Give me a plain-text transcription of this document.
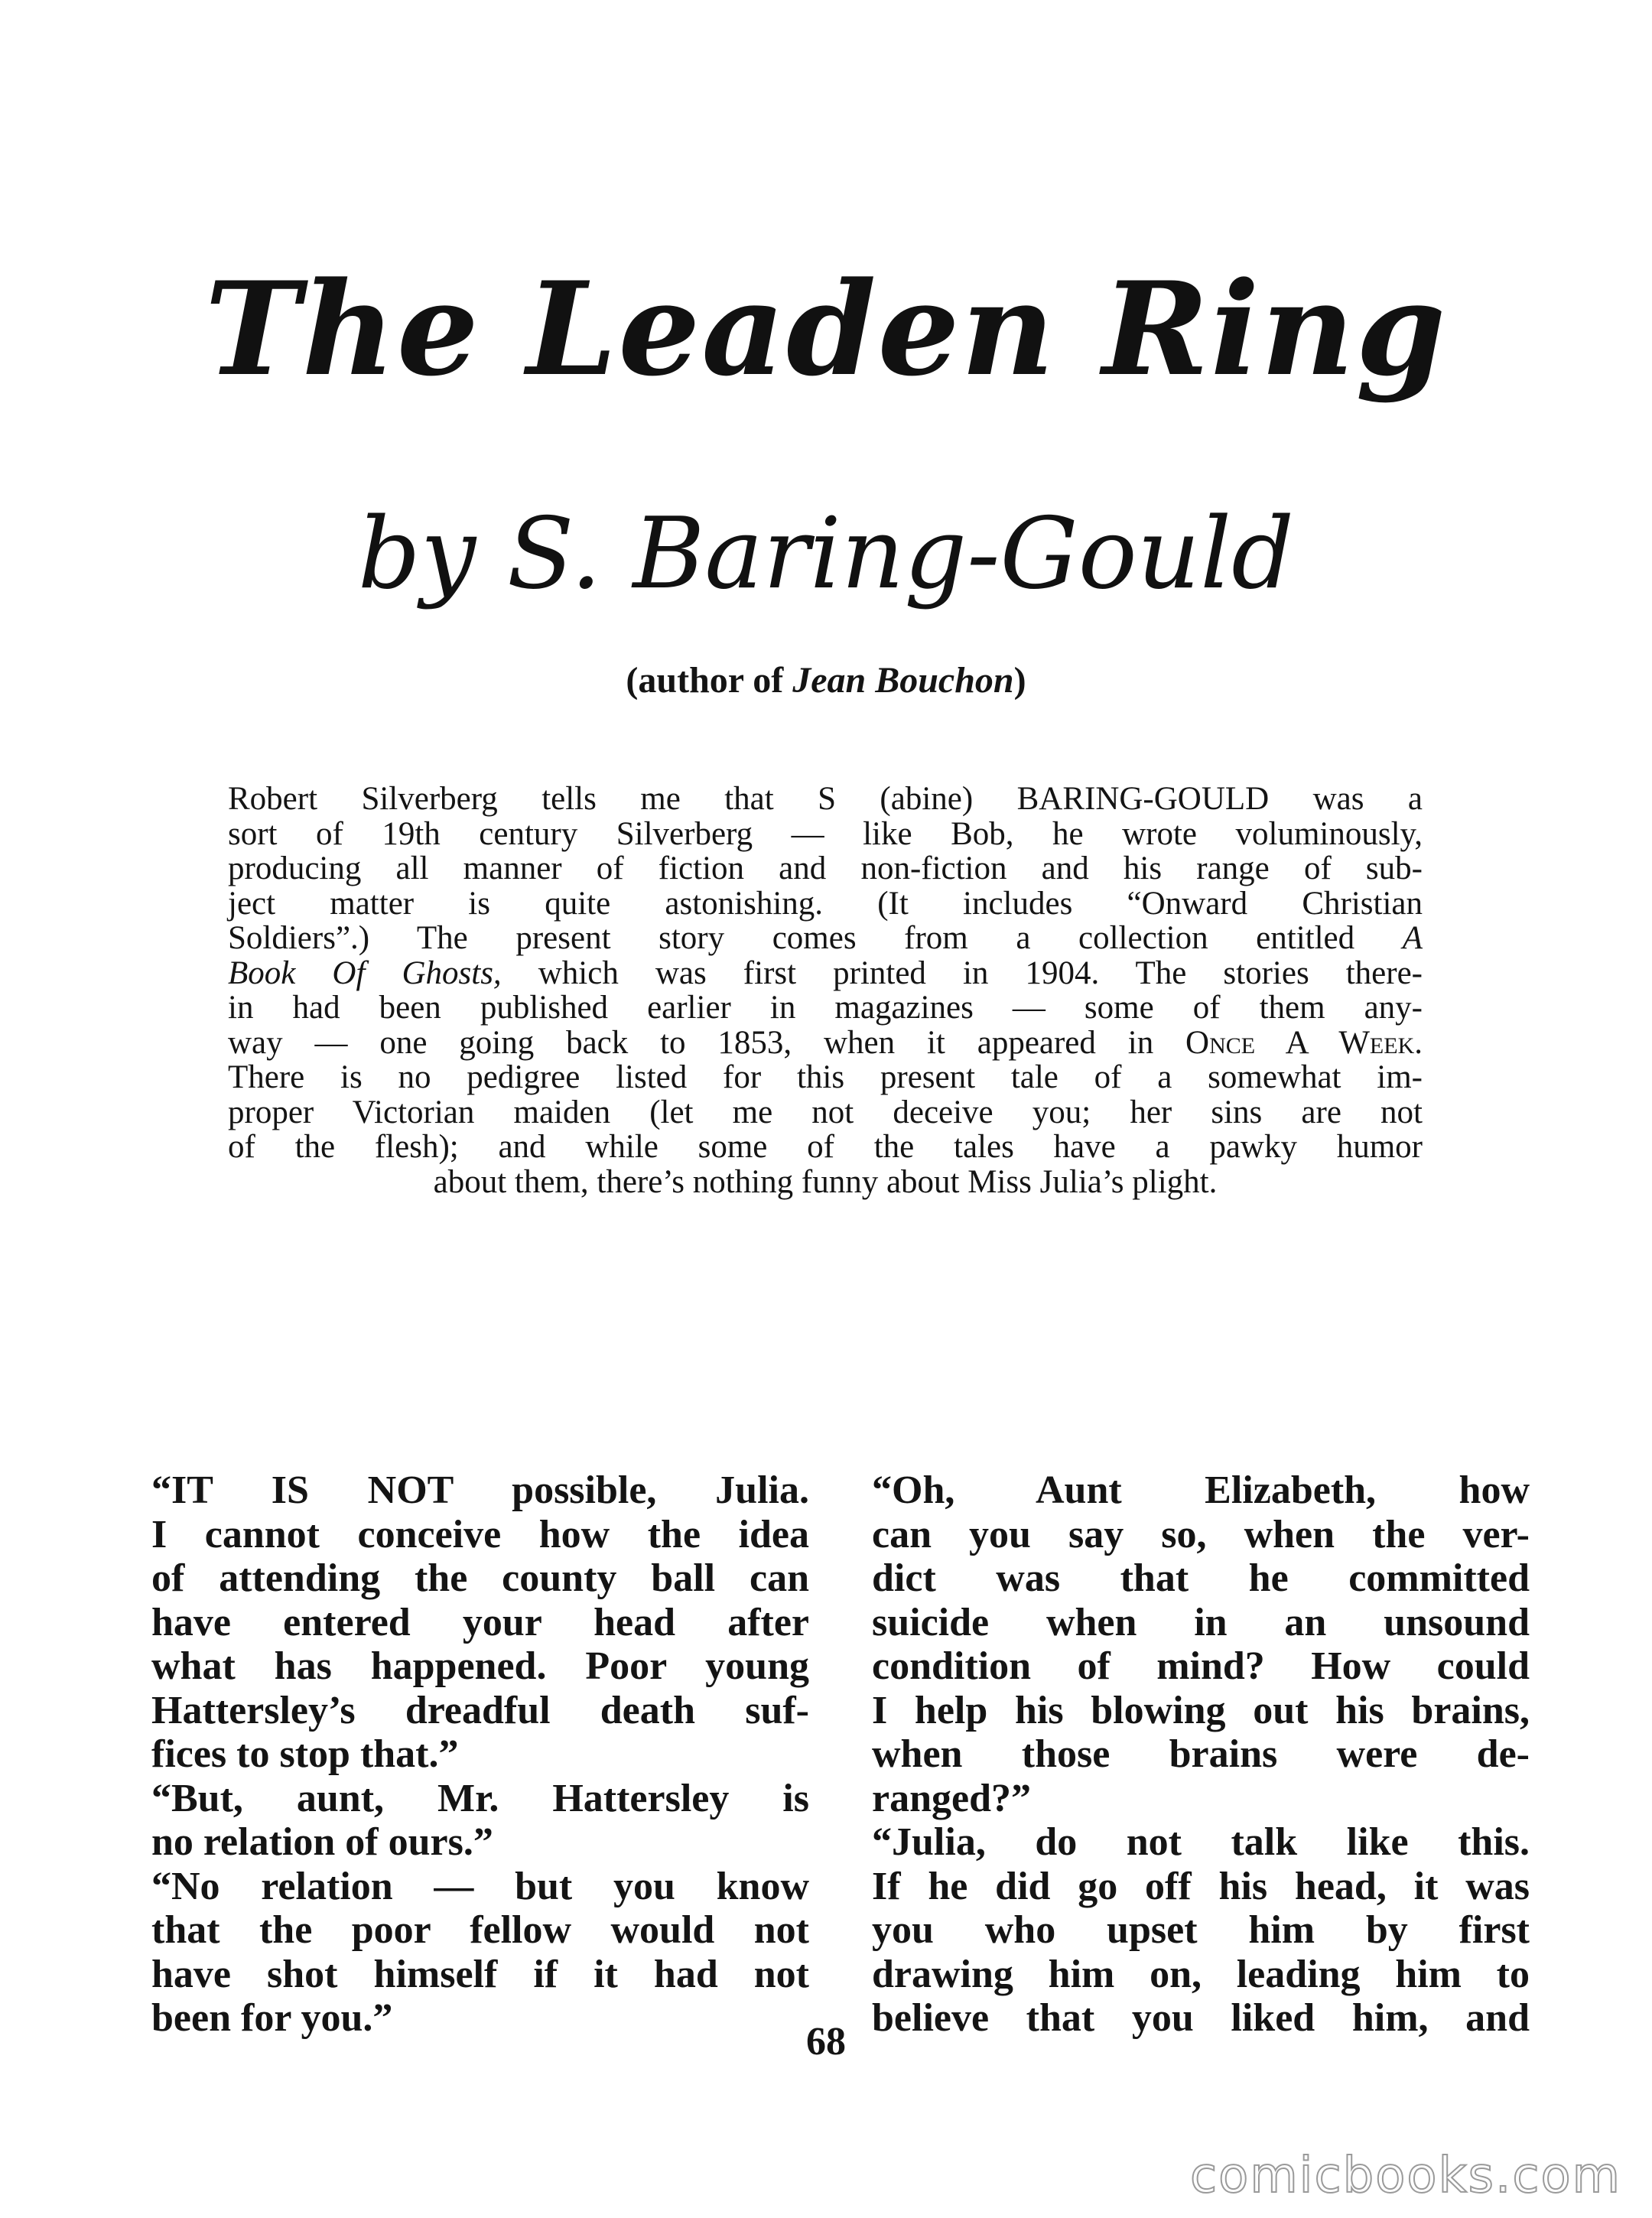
The Leaden Ring
by S. Baring-Gould
(author of Jean Bouchon)
Robert Silverberg tells me that S (abine) BARING-GOULD was a
sort of 19th century Silverberg — like Bob, he wrote voluminously,
producing all manner of fiction and non-fiction and his range of sub-
ject matter is quite astonishing. (It includes “Onward Christian
Soldiers”.) The present story comes from a collection entitled A
Book Of Ghosts, which was first printed in 1904. The stories there-
in had been published earlier in magazines — some of them any-
way — one going back to 1853, when it appeared in Once A Week.
There is no pedigree listed for this present tale of a somewhat im-
proper Victorian maiden (let me not deceive you; her sins are not
of the flesh); and while some of the tales have a pawky humor
about them, there’s nothing funny about Miss Julia’s plight.
“IT IS NOT possible, Julia.
I cannot conceive how the idea
of attending the county ball can
have entered your head after
what has happened. Poor young
Hattersley’s dreadful death suf-
fices to stop that.”
“But, aunt, Mr. Hattersley is
no relation of ours.”
“No relation — but you know
that the poor fellow would not
have shot himself if it had not
been for you.”
“Oh, Aunt Elizabeth, how
can you say so, when the ver-
dict was that he committed
suicide when in an unsound
condition of mind? How could
I help his blowing out his brains,
when those brains were de-
ranged?”
“Julia, do not talk like this.
If he did go off his head, it was
you who upset him by first
drawing him on, leading him to
believe that you liked him, and
68
comicbooks.com
